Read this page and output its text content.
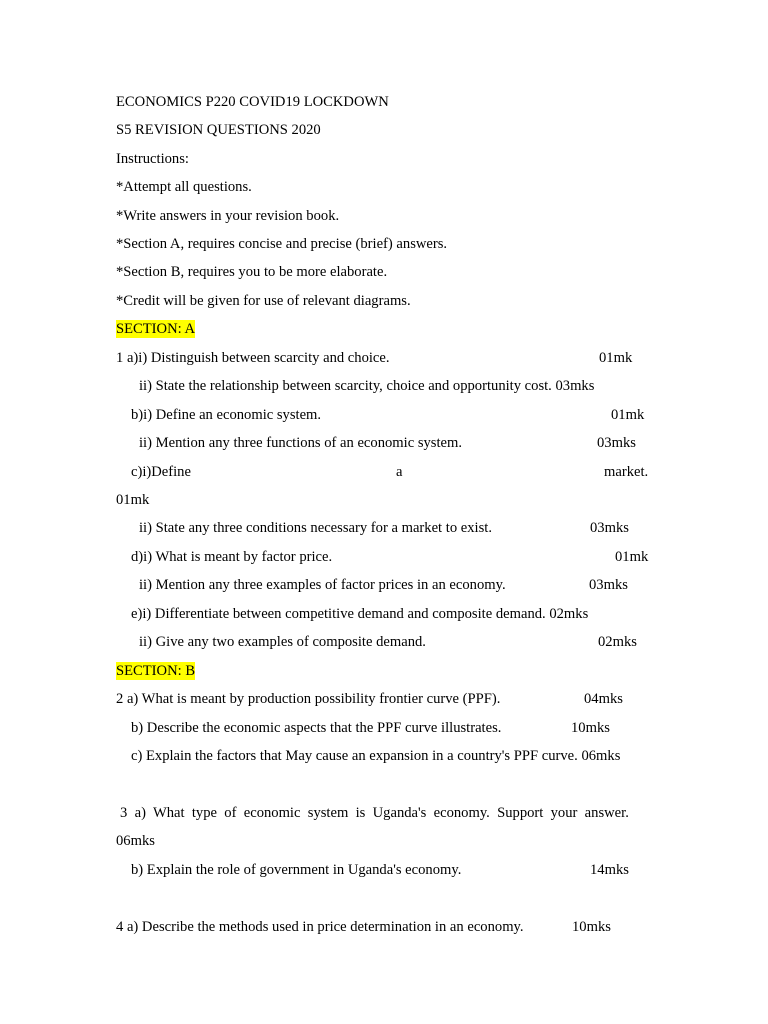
ECONOMICS P220 COVID19 LOCKDOWN
S5 REVISION QUESTIONS 2020
Instructions:
*Attempt all questions.
*Write answers in your revision book.
*Section A, requires concise and precise (brief) answers.
*Section B, requires you to be more elaborate.
*Credit will be given for use of relevant diagrams.
SECTION: A
1 a)i) Distinguish between scarcity and choice.	01mk
ii) State the relationship between scarcity, choice and opportunity cost. 03mks
b)i) Define an economic system.	01mk
ii) Mention any three functions of an economic system.	03mks
c)i)Define	a	market.
01mk
ii) State any three conditions necessary for a market to exist.	03mks
d)i) What is meant by factor price.	01mk
ii) Mention any three examples of factor prices in an economy.	03mks
e)i) Differentiate between competitive demand and composite demand. 02mks
ii) Give any two examples of composite demand.	02mks
SECTION: B
2 a) What is meant by production possibility frontier curve (PPF).	04mks
b) Describe the economic aspects that the PPF curve illustrates.	10mks
c) Explain the factors that May cause an expansion in a country's PPF curve. 06mks
3  a)  What  type  of  economic  system  is  Uganda's  economy.  Support  your  answer.
06mks
b) Explain the role of government in Uganda's economy.	14mks
4 a) Describe the methods used in price determination in an economy.	10mks
